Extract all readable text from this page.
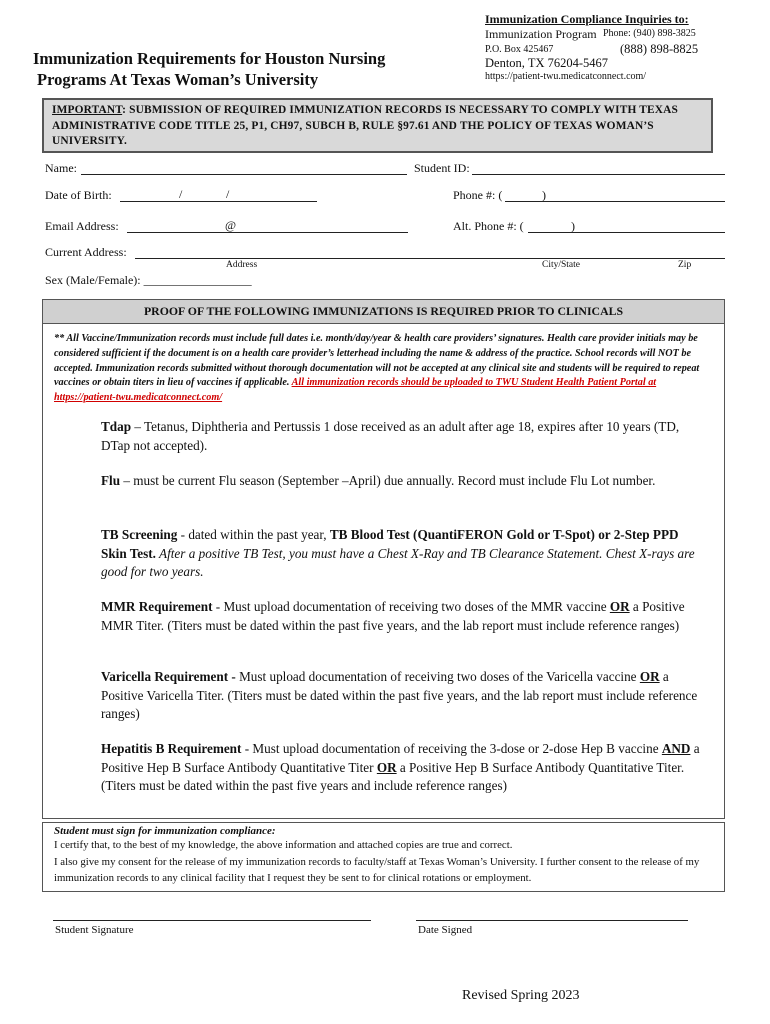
Immunization Compliance Inquiries to:
Immunization Program Phone: (940) 898-3825
P.O. Box 425467	(888) 898-8825
Denton, TX 76204-5467
https://patient-twu.medicatconnect.com/
Immunization Requirements for Houston Nursing
Programs At Texas Woman’s University
IMPORTANT: SUBMISSION OF REQUIRED IMMUNIZATION RECORDS IS NECESSARY TO COMPLY WITH TEXAS ADMINISTRATIVE CODE TITLE 25, P1, CH97, SUBCH B, RULE §97.61 AND THE POLICY OF TEXAS WOMAN’S UNIVERSITY.
Name:	Student ID:
Date of Birth:	/	/	Phone #: (	)
Email Address:	@	Alt. Phone #: (	)
Current Address:
Address	City/State	Zip
Sex (Male/Female): __________________
PROOF OF THE FOLLOWING IMMUNIZATIONS IS REQUIRED PRIOR TO CLINICALS
** All Vaccine/Immunization records must include full dates i.e. month/day/year & health care providers’ signatures. Health care provider initials may be considered sufficient if the document is on a health care provider’s letterhead including the name & address of the practice. School records will NOT be accepted. Immunization records submitted without thorough documentation will not be accepted at any clinical site and students will be required to repeat vaccines or obtain titers in lieu of vaccines if applicable. All immunization records should be uploaded to TWU Student Health Patient Portal at https://patient-twu.medicatconnect.com/
Tdap – Tetanus, Diphtheria and Pertussis 1 dose received as an adult after age 18, expires after 10 years (TD, DTap not accepted).
Flu – must be current Flu season (September –April) due annually. Record must include Flu Lot number.
TB Screening - dated within the past year, TB Blood Test (QuantiFERON Gold or T-Spot) or 2-Step PPD Skin Test. After a positive TB Test, you must have a Chest X-Ray and TB Clearance Statement. Chest X-rays are good for two years.
MMR Requirement - Must upload documentation of receiving two doses of the MMR vaccine OR a Positive MMR Titer. (Titers must be dated within the past five years, and the lab report must include reference ranges)
Varicella Requirement - Must upload documentation of receiving two doses of the Varicella vaccine OR a Positive Varicella Titer. (Titers must be dated within the past five years, and the lab report must include reference ranges)
Hepatitis B Requirement - Must upload documentation of receiving the 3-dose or 2-dose Hep B vaccine AND a Positive Hep B Surface Antibody Quantitative Titer OR a Positive Hep B Surface Antibody Quantitative Titer. (Titers must be dated within the past five years and include reference ranges)
Student must sign for immunization compliance:
I certify that, to the best of my knowledge, the above information and attached copies are true and correct.
I also give my consent for the release of my immunization records to faculty/staff at Texas Woman’s University. I further consent to the release of my immunization records to any clinical facility that I request they be sent to for clinical rotations or employment.
Student Signature	Date Signed
Revised Spring 2023
